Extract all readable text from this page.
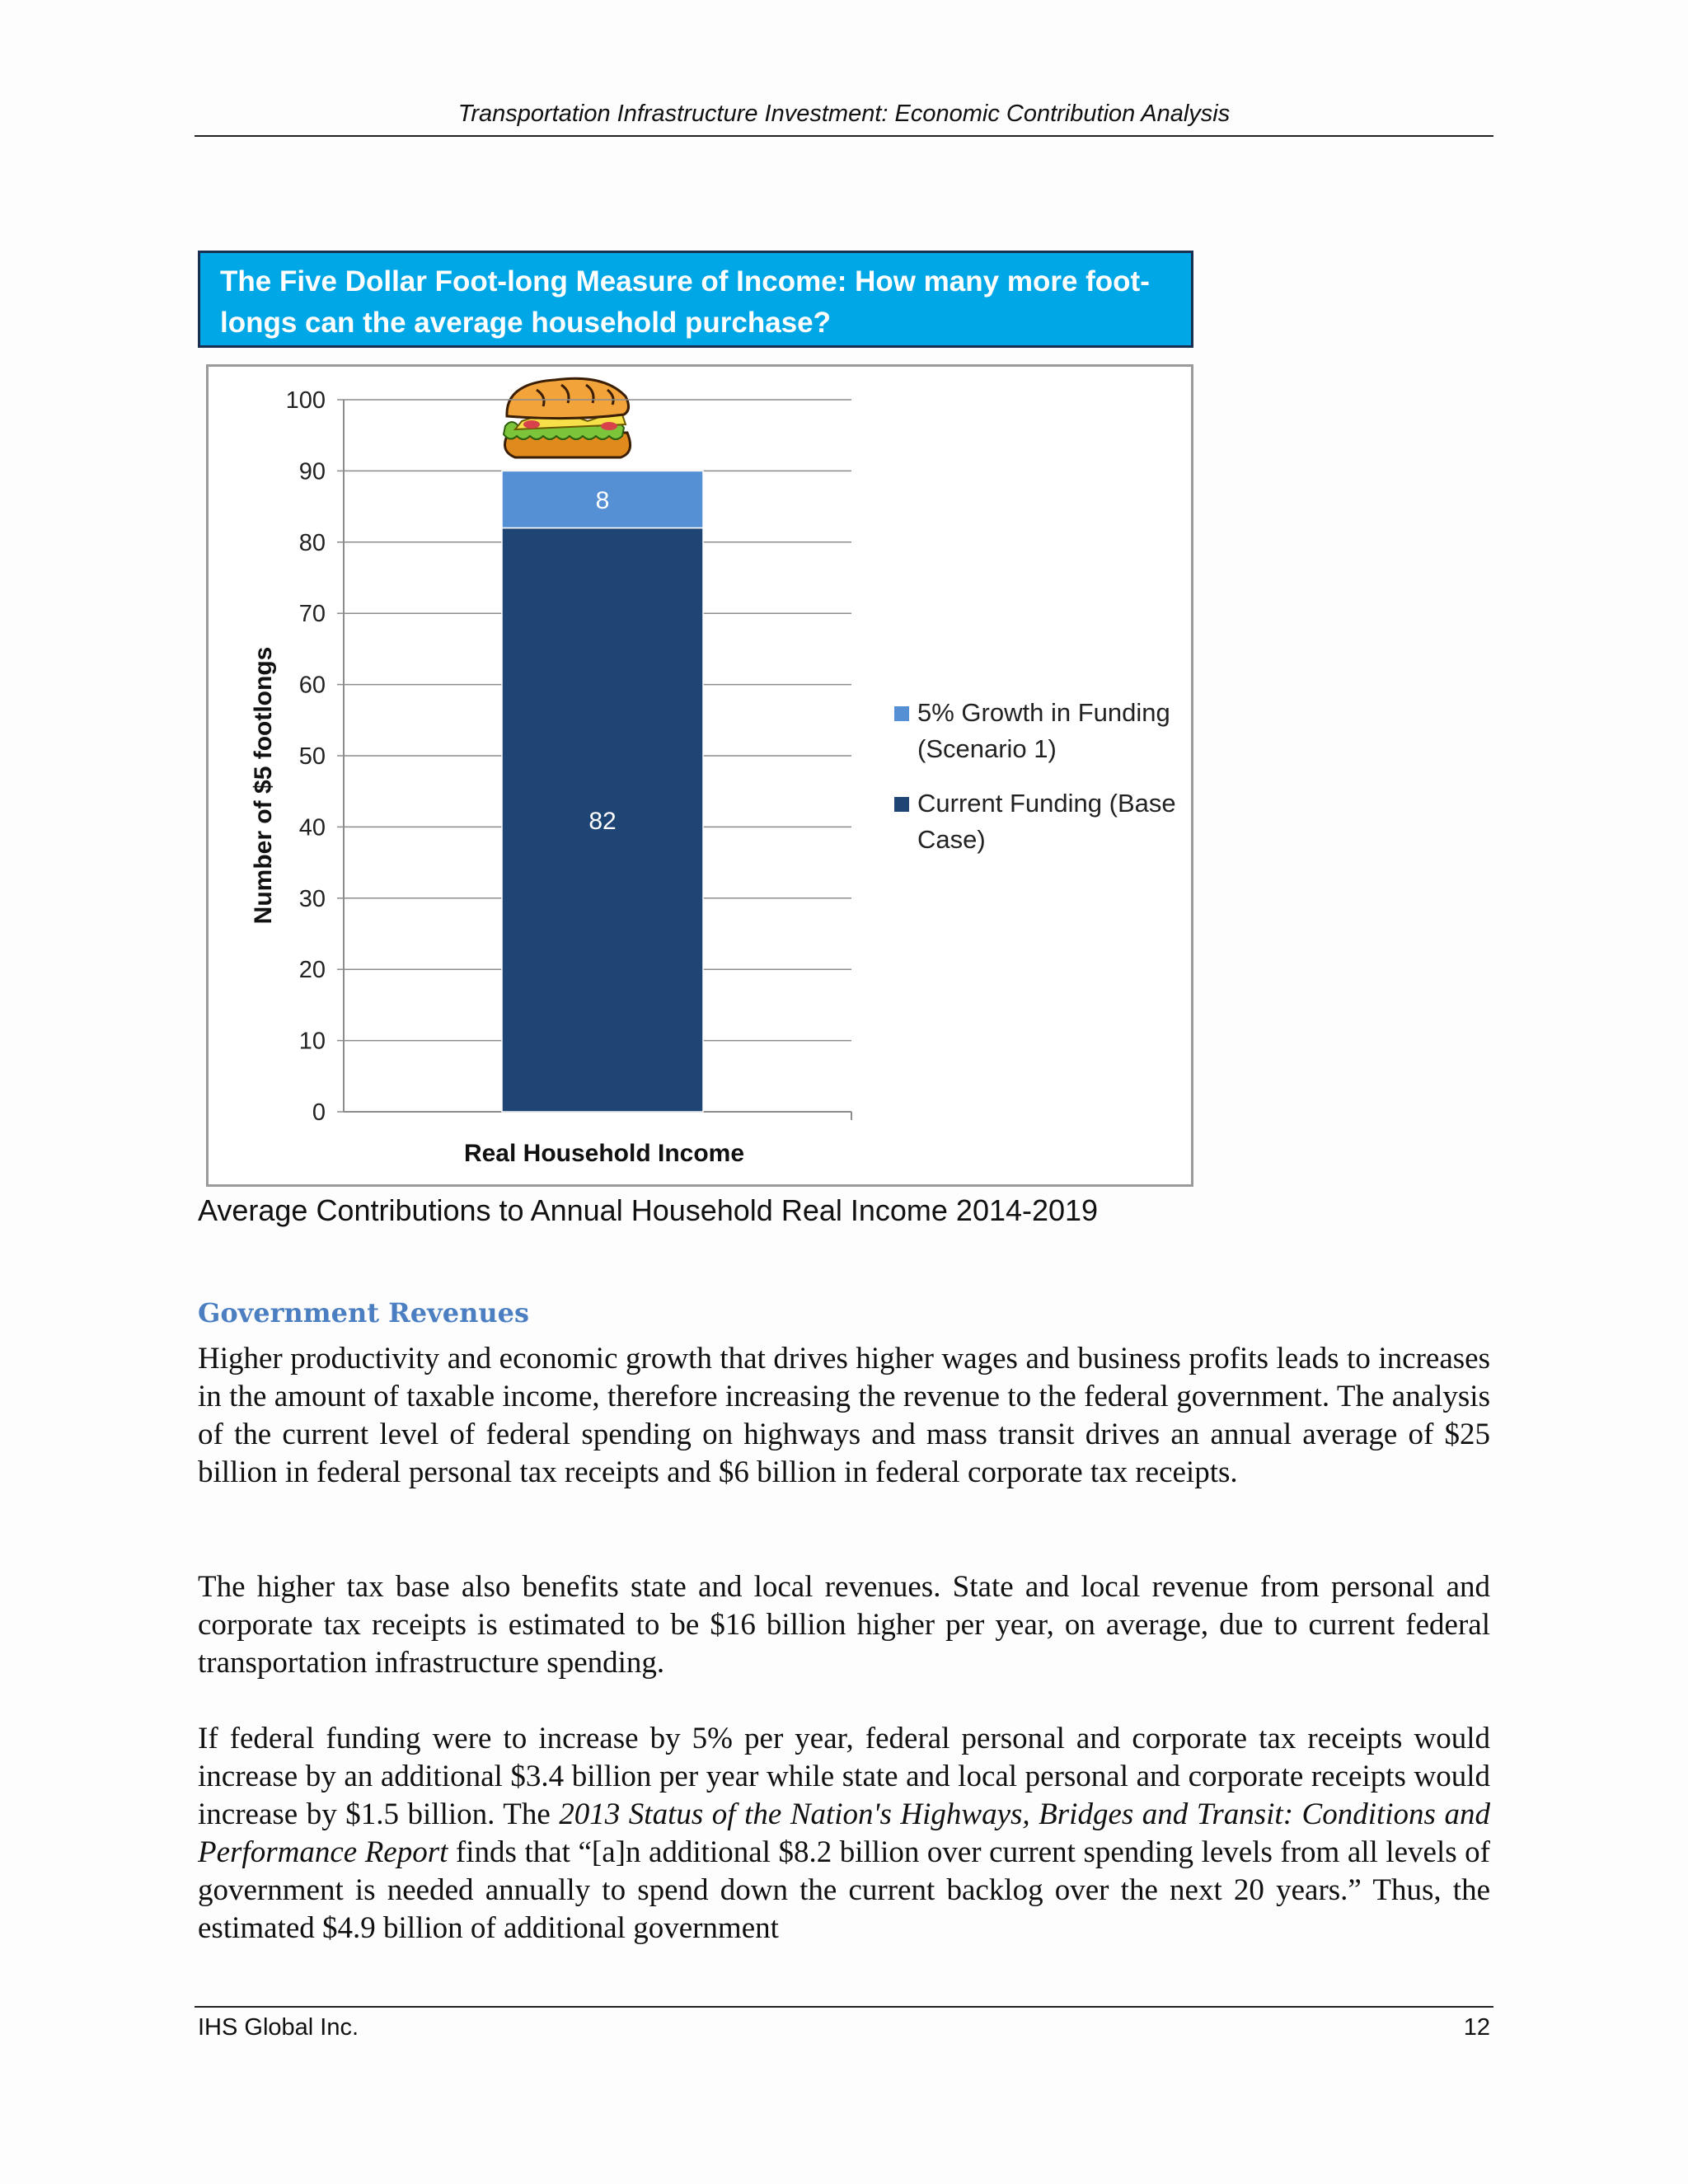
Transportation Infrastructure Investment: Economic Contribution Analysis
The Five Dollar Foot-long Measure of Income: How many more foot-longs can the average household purchase?
0
10
20
30
40
50
60
70
80
90
100
82
8
Number of $5 footlongs
Real Household Income
5% Growth in Funding (Scenario 1)
Current Funding (Base Case)
Average Contributions to Annual Household Real Income 2014-2019
Government Revenues

Higher productivity and economic growth that drives higher wages and business profits leads to increases in the amount of taxable income, therefore increasing the revenue to the federal government. The analysis of the current level of federal spending on highways and mass transit drives an annual average of $25 billion in federal personal tax receipts and $6 billion in federal corporate tax receipts.

The higher tax base also benefits state and local revenues. State and local revenue from personal and corporate tax receipts is estimated to be $16 billion higher per year, on average, due to current federal transportation infrastructure spending.

If federal funding were to increase by 5% per year, federal personal and corporate tax receipts would increase by an additional $3.4 billion per year while state and local personal and corporate receipts would increase by $1.5 billion. The 2013 Status of the Nation's Highways, Bridges and Transit: Conditions and Performance Report finds that “[a]n additional $8.2 billion over current spending levels from all levels of government is needed annually to spend down the current backlog over the next 20 years.” Thus, the estimated $4.9 billion of additional government

IHS Global Inc.	12
